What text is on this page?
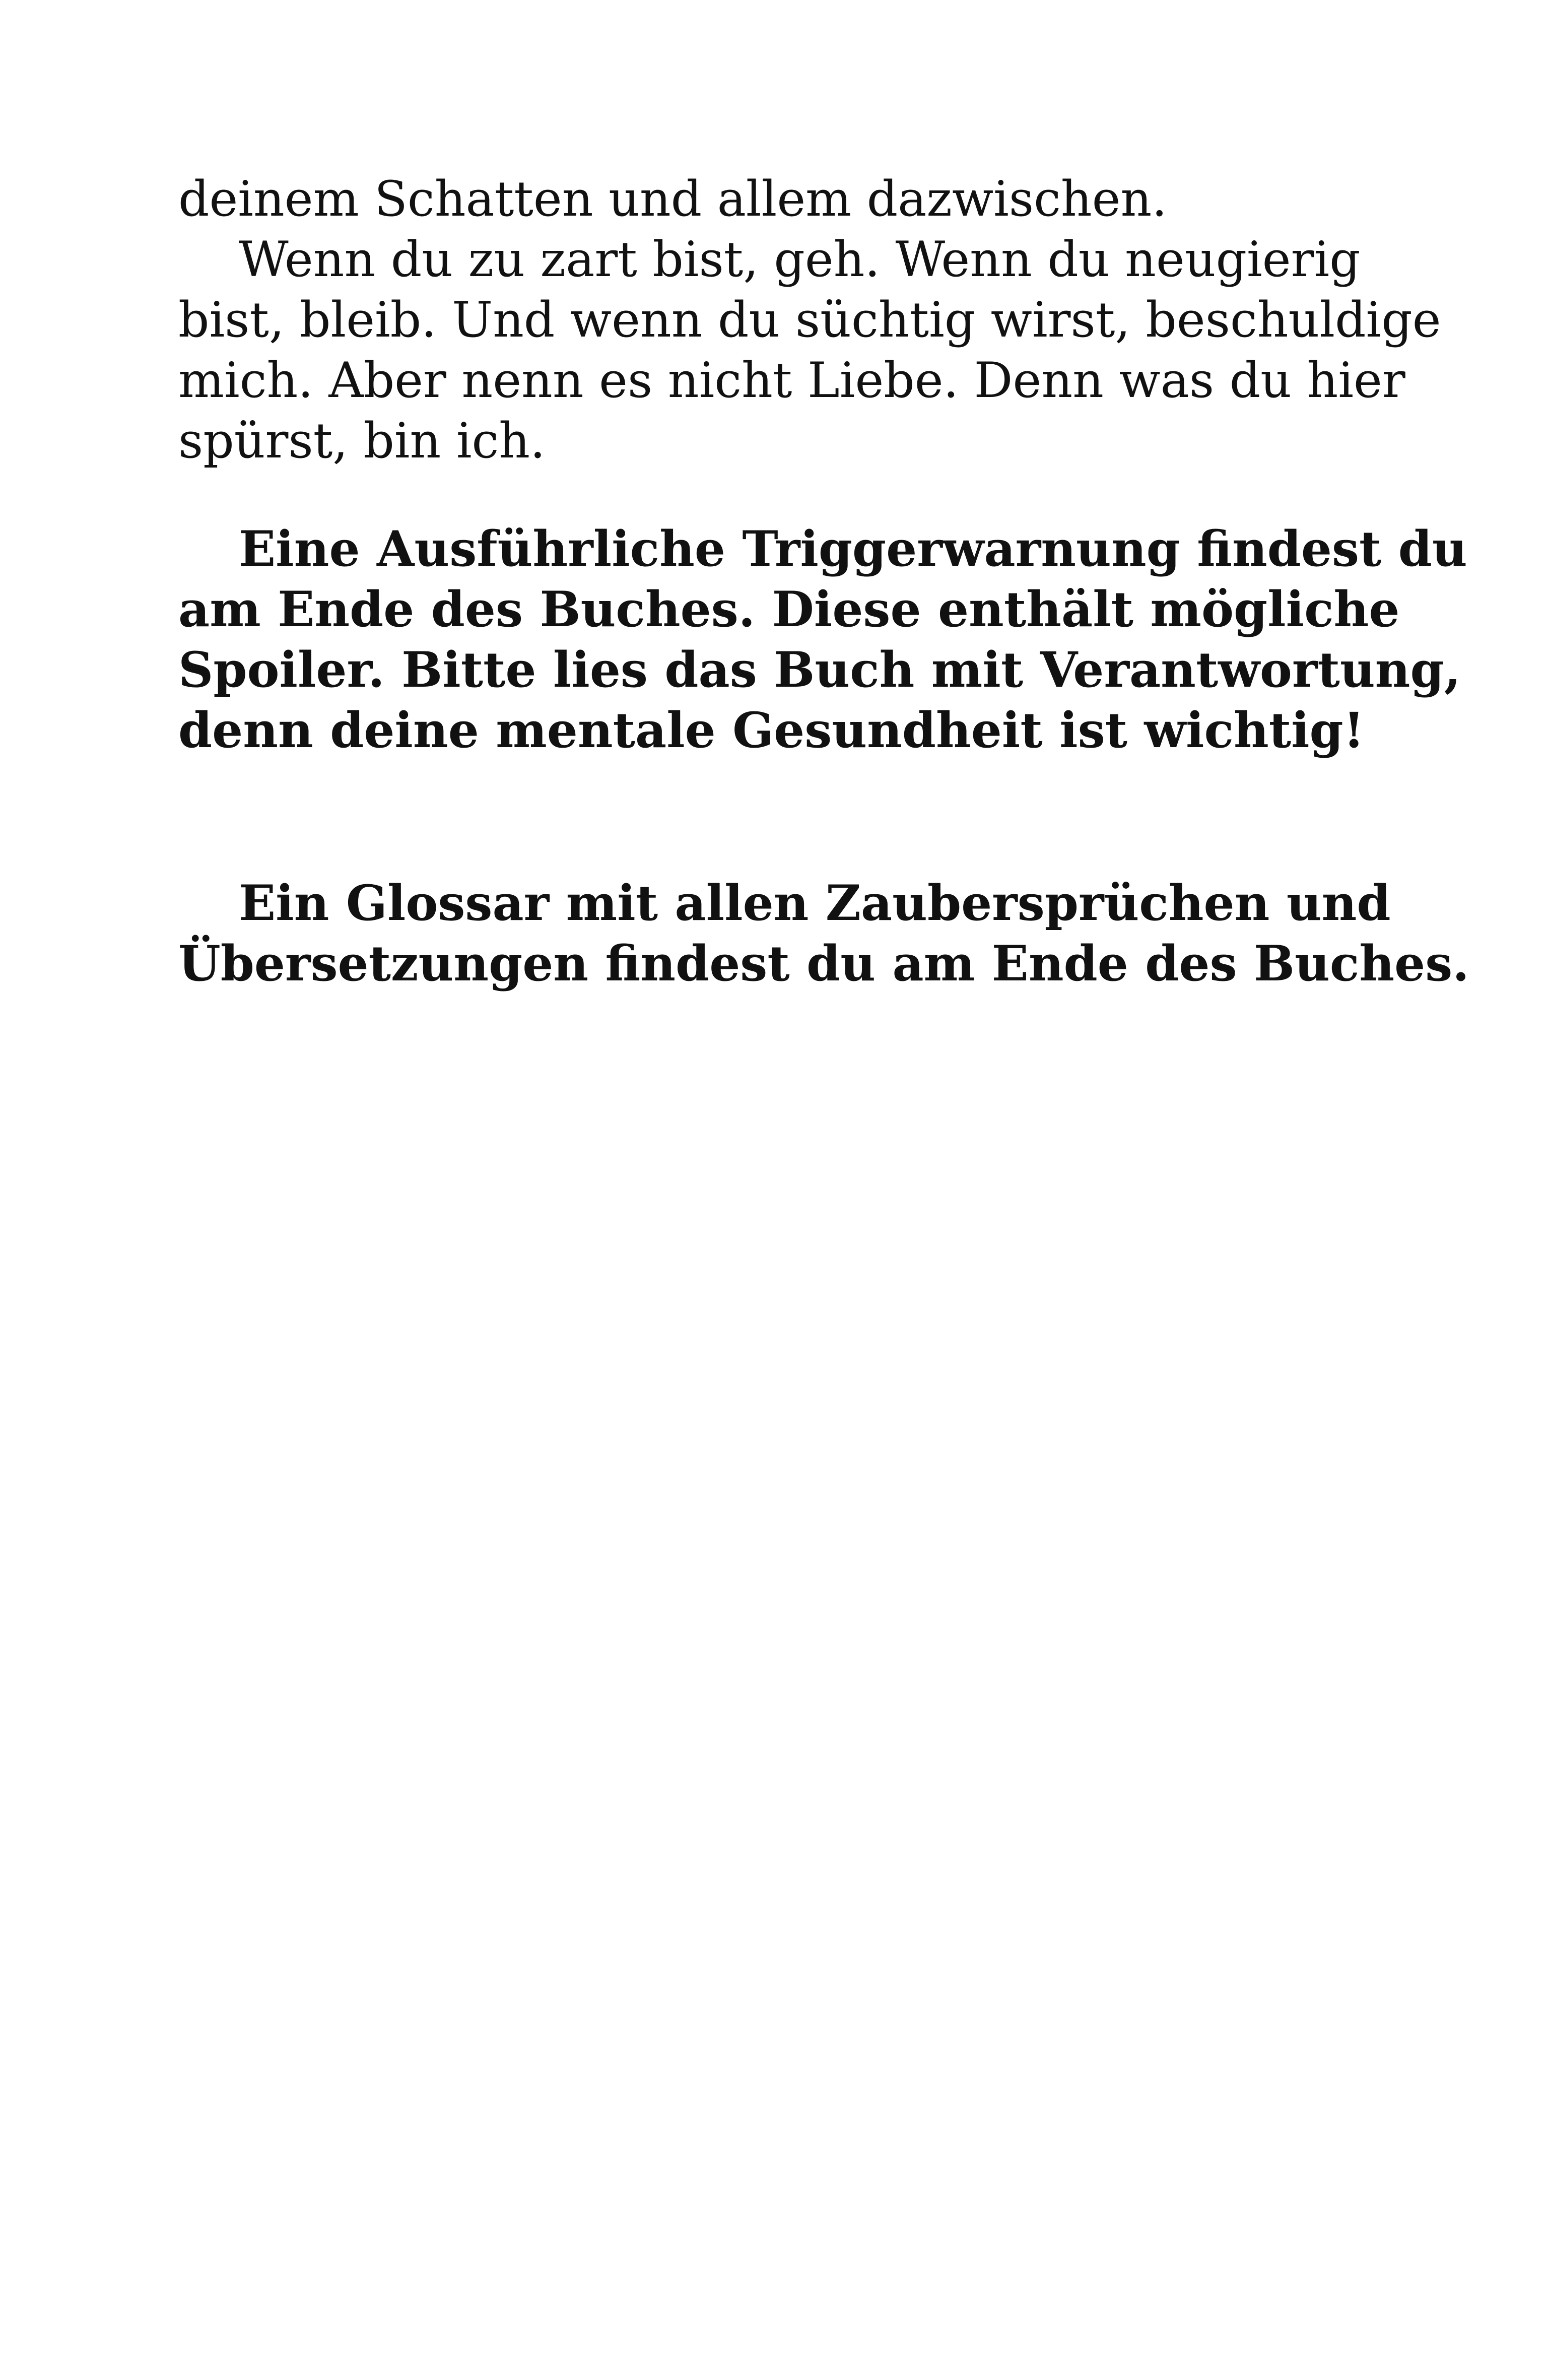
deinem Schatten und allem dazwischen.
Wenn du zu zart bist, geh. Wenn du neugierig
bist, bleib. Und wenn du süchtig wirst, beschuldige
mich. Aber nenn es nicht Liebe. Denn was du hier
spürst, bin ich.
Eine Ausführliche Triggerwarnung findest du
am Ende des Buches. Diese enthält mögliche
Spoiler. Bitte lies das Buch mit Verantwortung,
denn deine mentale Gesundheit ist wichtig!
Ein Glossar mit allen Zaubersprüchen und
Übersetzungen findest du am Ende des Buches.
